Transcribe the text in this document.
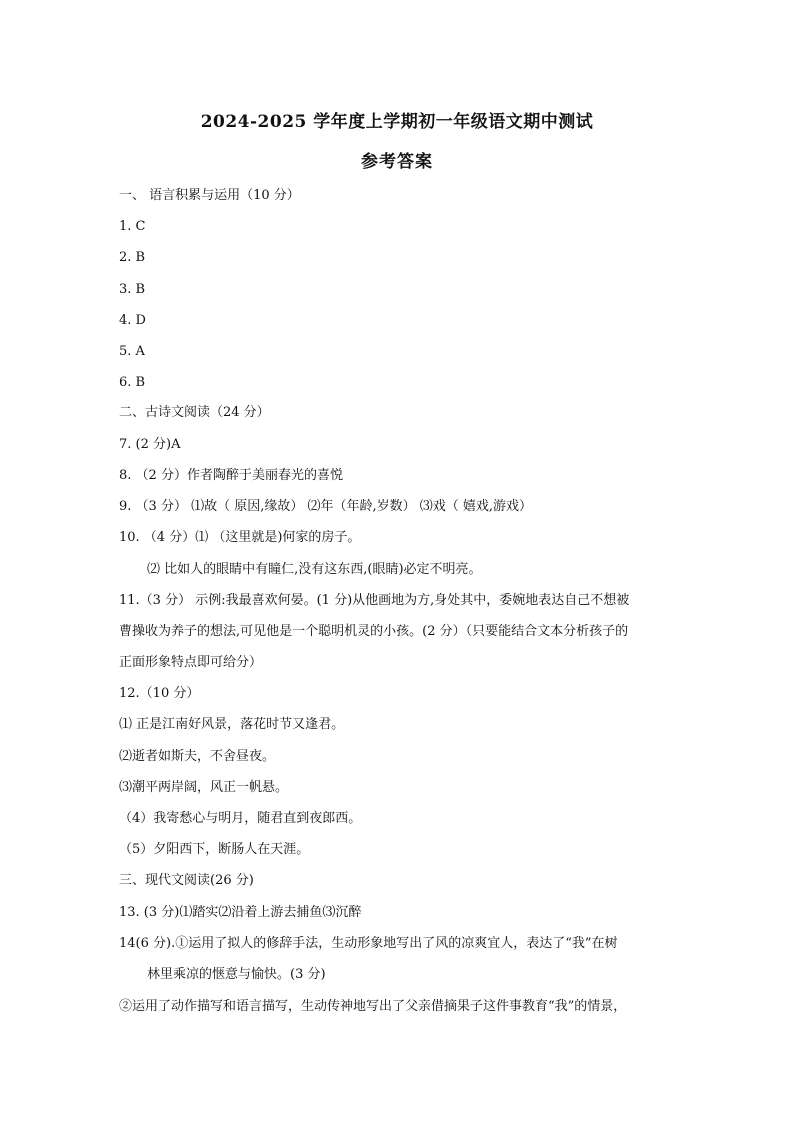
2024-2025 学年度上学期初一年级语文期中测试
参考答案
一、 语言积累与运用（10 分）
1. C
2. B
3. B
4. D
5. A
6. B
二、古诗文阅读（24 分）
7. (2 分)A
8. （2 分）作者陶醉于美丽春光的喜悦
9. （3 分） ⑴故（ 原因,缘故） ⑵年（年龄,岁数） ⑶戏（ 嬉戏,游戏）
10. （4 分）⑴ （这里就是)何家的房子。
⑵ 比如人的眼睛中有瞳仁,没有这东西,(眼睛)必定不明亮。
11.（3 分） 示例:我最喜欢何晏。(1 分)从他画地为方,身处其中，委婉地表达自己不想被
曹操收为养子的想法,可见他是一个聪明机灵的小孩。(2 分）（只要能结合文本分析孩子的
正面形象特点即可给分）
12.（10 分）
⑴ 正是江南好风景，落花时节又逢君。
⑵逝者如斯夫，不舍昼夜。
⑶潮平两岸阔，风正一帆悬。
（4）我寄愁心与明月，随君直到夜郎西。
（5）夕阳西下，断肠人在天涯。
三、现代文阅读(26 分)
13. (3 分)⑴踏实⑵沿着上游去捕鱼⑶沉醉
14(6 分).①运用了拟人的修辞手法，生动形象地写出了风的凉爽宜人，表达了“我”在树
林里乘凉的惬意与愉快。(3 分)
②运用了动作描写和语言描写，生动传神地写出了父亲借摘果子这件事教育“我”的情景，
